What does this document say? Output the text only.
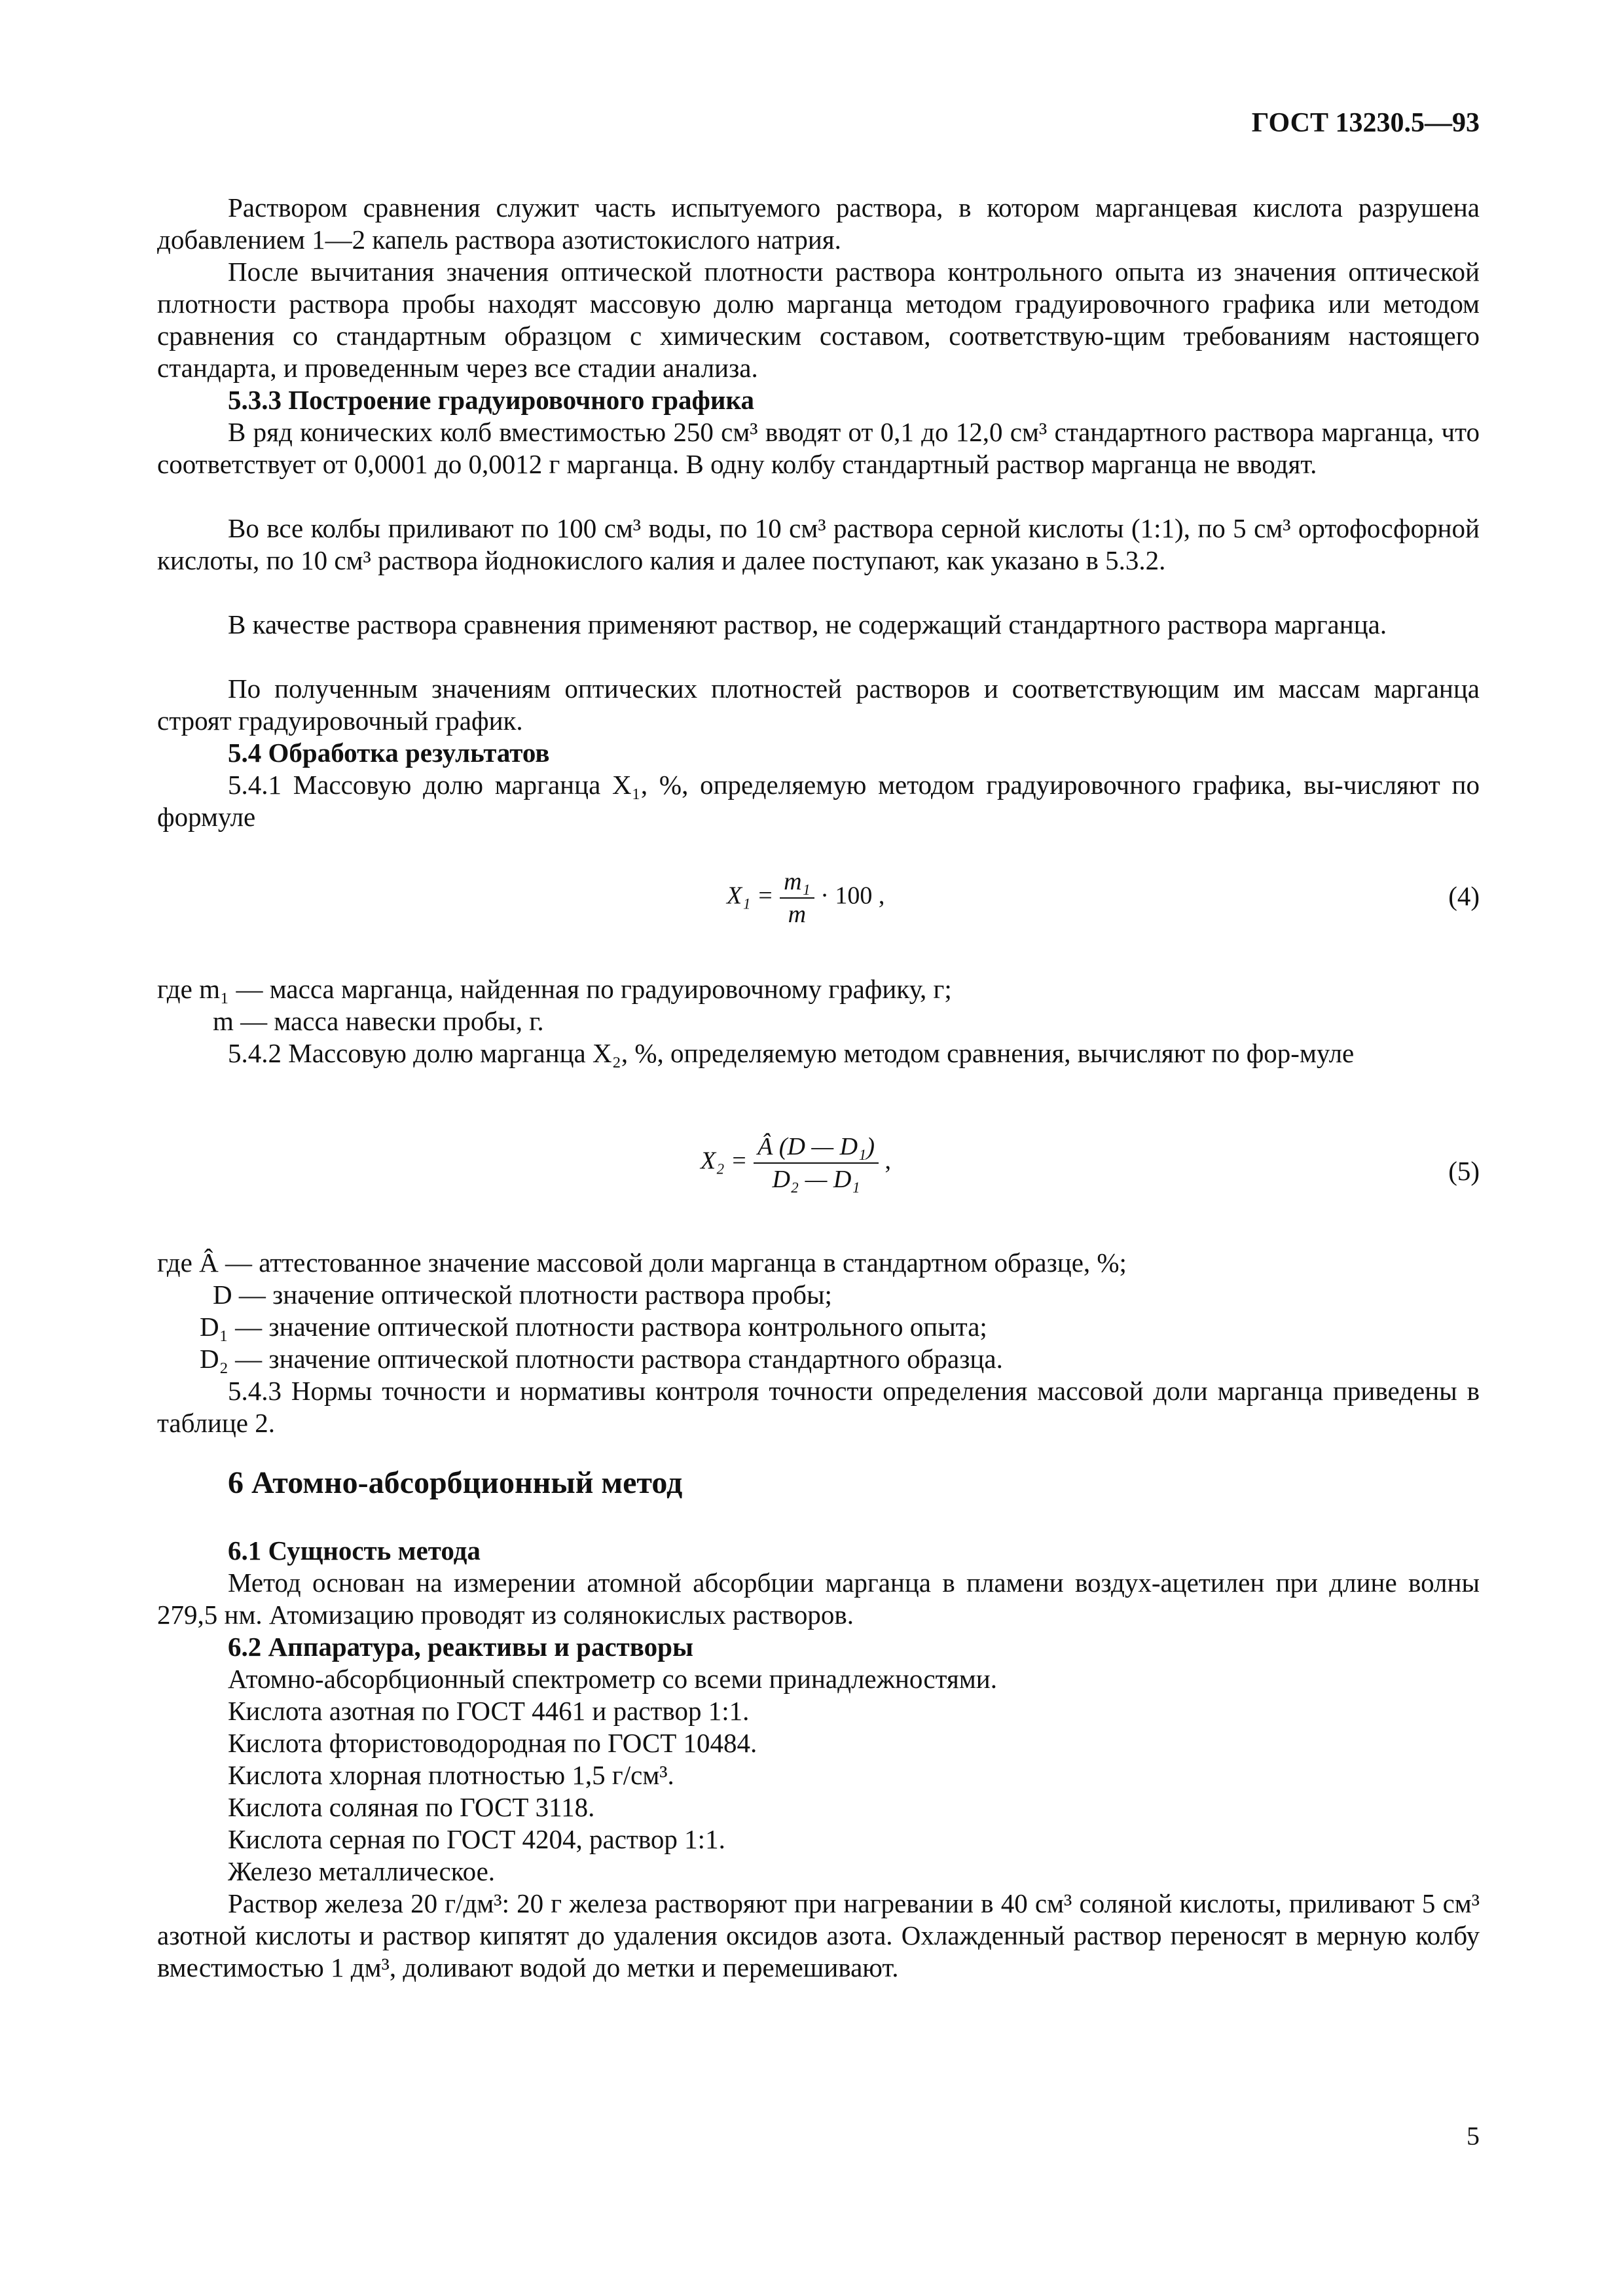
ГОСТ 13230.5—93
Раствором сравнения служит часть испытуемого раствора, в котором марганцевая кислота разрушена добавлением 1—2 капель раствора азотистокислого натрия.
После вычитания значения оптической плотности раствора контрольного опыта из значения оптической плотности раствора пробы находят массовую долю марганца методом градуировочного графика или методом сравнения со стандартным образцом с химическим составом, соответствую-щим требованиям настоящего стандарта, и проведенным через все стадии анализа.
5.3.3 Построение градуировочного графика
В ряд конических колб вместимостью 250 см³ вводят от 0,1 до 12,0 см³ стандартного раствора марганца, что соответствует от 0,0001 до 0,0012 г марганца. В одну колбу стандартный раствор марганца не вводят.
Во все колбы приливают по 100 см³ воды, по 10 см³ раствора серной кислоты (1:1), по 5 см³ ортофосфорной кислоты, по 10 см³ раствора йоднокислого калия и далее поступают, как указано в 5.3.2.
В качестве раствора сравнения применяют раствор, не содержащий стандартного раствора марганца.
По полученным значениям оптических плотностей растворов и соответствующим им массам марганца строят градуировочный график.
5.4 Обработка результатов
5.4.1 Массовую долю марганца X₁, %, определяемую методом градуировочного графика, вы-числяют по формуле
$X_1 = \frac{\text{m₁}}{m} \cdot 100$ ,	(4)
где m₁ — масса марганца, найденная по градуировочному графику, г;
m — масса навески пробы, г.
5.4.2 Массовую долю марганца X₂, %, определяемую методом сравнения, вычисляют по фор-муле
$X_2 = \frac{\text{Â (D — D₁)}}{\text{D₂ — D₁}}$ ,	(5)
где Â — аттестованное значение массовой доли марганца в стандартном образце, %;
D — значение оптической плотности раствора пробы;
D₁ — значение оптической плотности раствора контрольного опыта;
D₂ — значение оптической плотности раствора стандартного образца.
5.4.3 Нормы точности и нормативы контроля точности определения массовой доли марганца приведены в таблице 2.
6 Атомно-абсорбционный метод
6.1 Сущность метода
Метод основан на измерении атомной абсорбции марганца в пламени воздух-ацетилен при длине волны 279,5 нм. Атомизацию проводят из солянокислых растворов.
6.2 Аппаратура, реактивы и растворы
Атомно-абсорбционный спектрометр со всеми принадлежностями.
Кислота азотная по ГОСТ 4461 и раствор 1:1.
Кислота фтористоводородная по ГОСТ 10484.
Кислота хлорная плотностью 1,5 г/см³.
Кислота соляная по ГОСТ 3118.
Кислота серная по ГОСТ 4204, раствор 1:1.
Железо металлическое.
Раствор железа 20 г/дм³: 20 г железа растворяют при нагревании в 40 см³ соляной кислоты, приливают 5 см³ азотной кислоты и раствор кипятят до удаления оксидов азота. Охлажденный раствор переносят в мерную колбу вместимостью 1 дм³, доливают водой до метки и перемешивают.
5
